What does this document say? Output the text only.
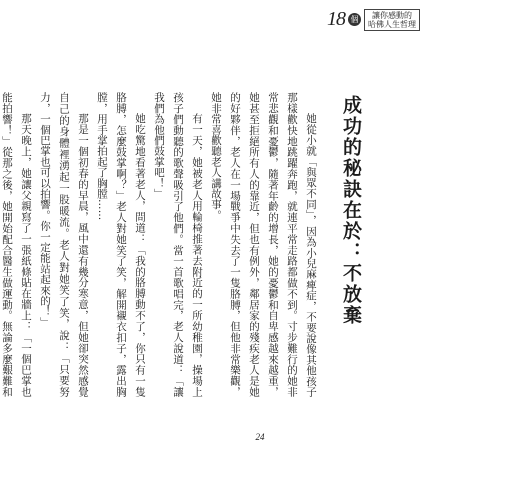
18 個	讓你感動的
哈佛人生哲理
成功的秘訣在於：不放棄

她從小就「與眾不同」，因為小兒麻痺症，不要說像其他孩子那樣歡快地跳躍奔跑，就連平常走路都做不到。寸步難行的她非常悲觀和憂鬱，隨著年齡的增長，她的憂鬱和自卑感越來越重，她甚至拒絕所有人的靠近，但也有例外，鄰居家的殘疾老人是她的好夥伴，老人在一場戰爭中失去了一隻胳膊，但他非常樂觀，她非常喜歡聽老人講故事。

有一天，她被老人用輪椅推著去附近的一所幼稚園，操場上孩子們動聽的歌聲吸引了他們。當一首歌唱完，老人說道：「讓我們為他們鼓掌吧！」

她吃驚地看著老人，問道：「我的胳膊動不了，你只有一隻胳膊，怎麼鼓掌啊？」老人對她笑了笑，解開襯衣扣子，露出胸膛，用手掌拍起了胸膛……

那是一個初春的早晨，風中還有幾分寒意，但她卻突然感覺自己的身體裡湧起一股暖流。老人對她笑了笑，說：「只要努力，一個巴掌也可以拍響。你一定能站起來的！」

那天晚上，她讓父親寫了一張紙條貼在牆上：「一個巴掌也能拍響！」從那之後，她開始配合醫生做運動。無論多麼艱難和

24
